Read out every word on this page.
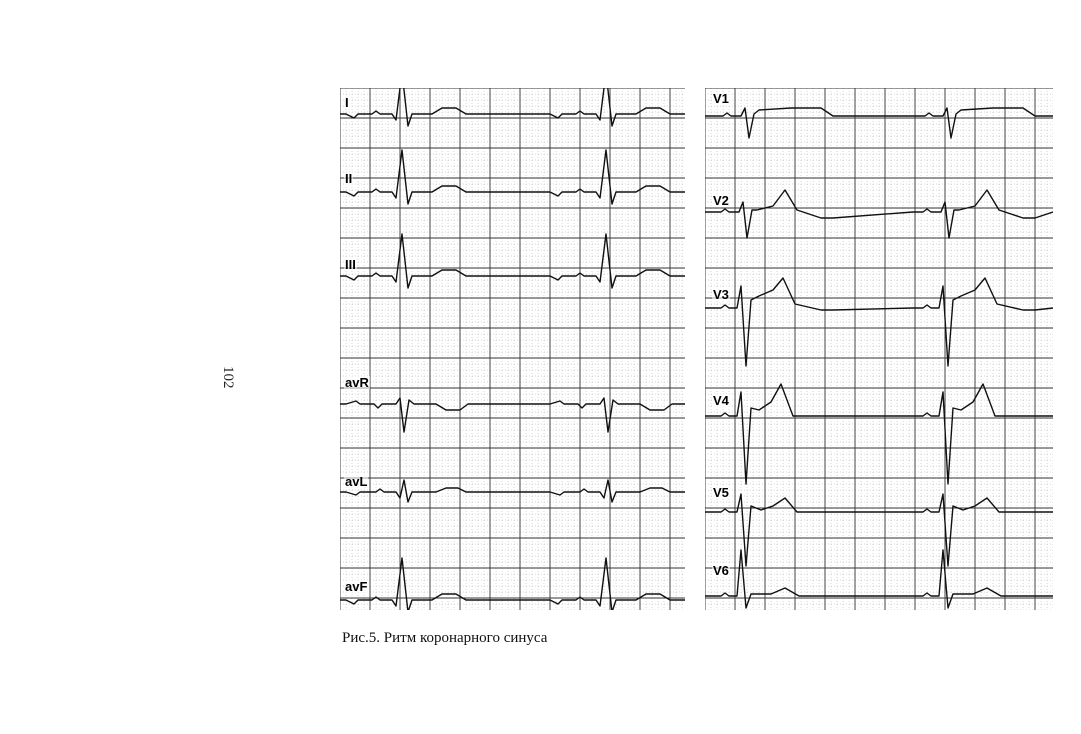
102
I
II
III
avR
avL
avF
V1
V2
V3
V4
V5
V6
Рис.5. Ритм коронарного синуса
